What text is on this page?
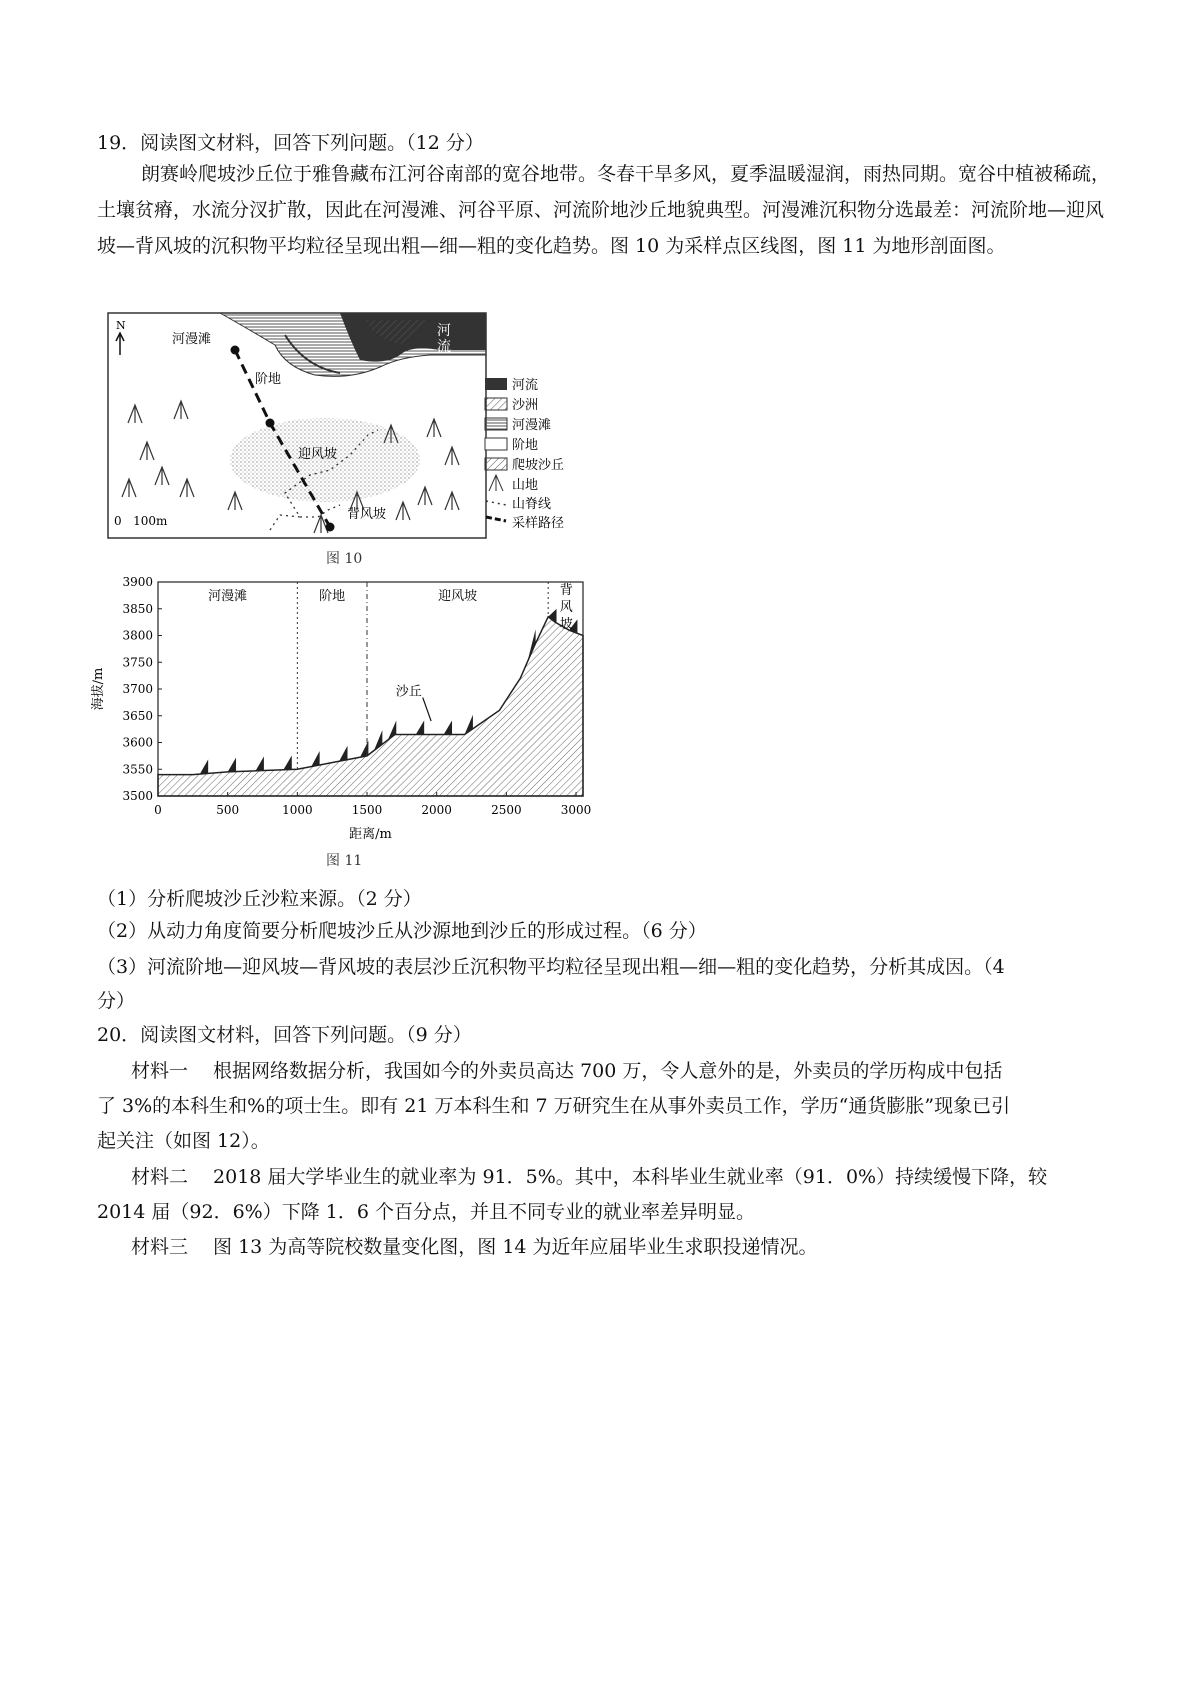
19．阅读图文材料，回答下列问题。（12 分）
朗赛岭爬坡沙丘位于雅鲁藏布江河谷南部的宽谷地带。冬春干旱多风，夏季温暖湿润，雨热同期。宽谷中植被稀疏，土壤贫瘠，水流分汊扩散，因此在河漫滩、河谷平原、河流阶地沙丘地貌典型。河漫滩沉积物分选最差：河流阶地—迎风坡—背风坡的沉积物平均粒径呈现出粗—细—粗的变化趋势。图 10 为采样点区线图，图 11 为地形剖面图。
河
流
N
河漫滩
阶地
迎风坡
背风坡
0   100m
河流
沙洲
河漫滩
阶地
爬坡沙丘
山地
山脊线
采样路径
图 10
河漫滩	阶地	迎风坡	背
风
坡
沙丘
3900
3850
3800
3750
3700
3650
3600
3550
3500
0	500	1000	1500	2000	2500	3000
距离/m
海拔/m
图 11
（1）分析爬坡沙丘沙粒来源。（2 分）
（2）从动力角度简要分析爬坡沙丘从沙源地到沙丘的形成过程。（6 分）
（3）河流阶地—迎风坡—背风坡的表层沙丘沉积物平均粒径呈现出粗—细—粗的变化趋势，分析其成因。（4
分）
20．阅读图文材料，回答下列问题。（9 分）
材料一　 根据网络数据分析，我国如今的外卖员高达 700 万，令人意外的是，外卖员的学历构成中包括
了 3%的本科生和%的项士生。即有 21 万本科生和 7 万研究生在从事外卖员工作，学历“通货膨胀”现象已引
起关注（如图 12）。
材料二　 2018 届大学毕业生的就业率为 91．5%。其中，本科毕业生就业率（91．0%）持续缓慢下降，较
2014 届（92．6%）下降 1．6 个百分点，并且不同专业的就业率差异明显。
材料三　 图 13 为高等院校数量变化图，图 14 为近年应届毕业生求职投递情况。
